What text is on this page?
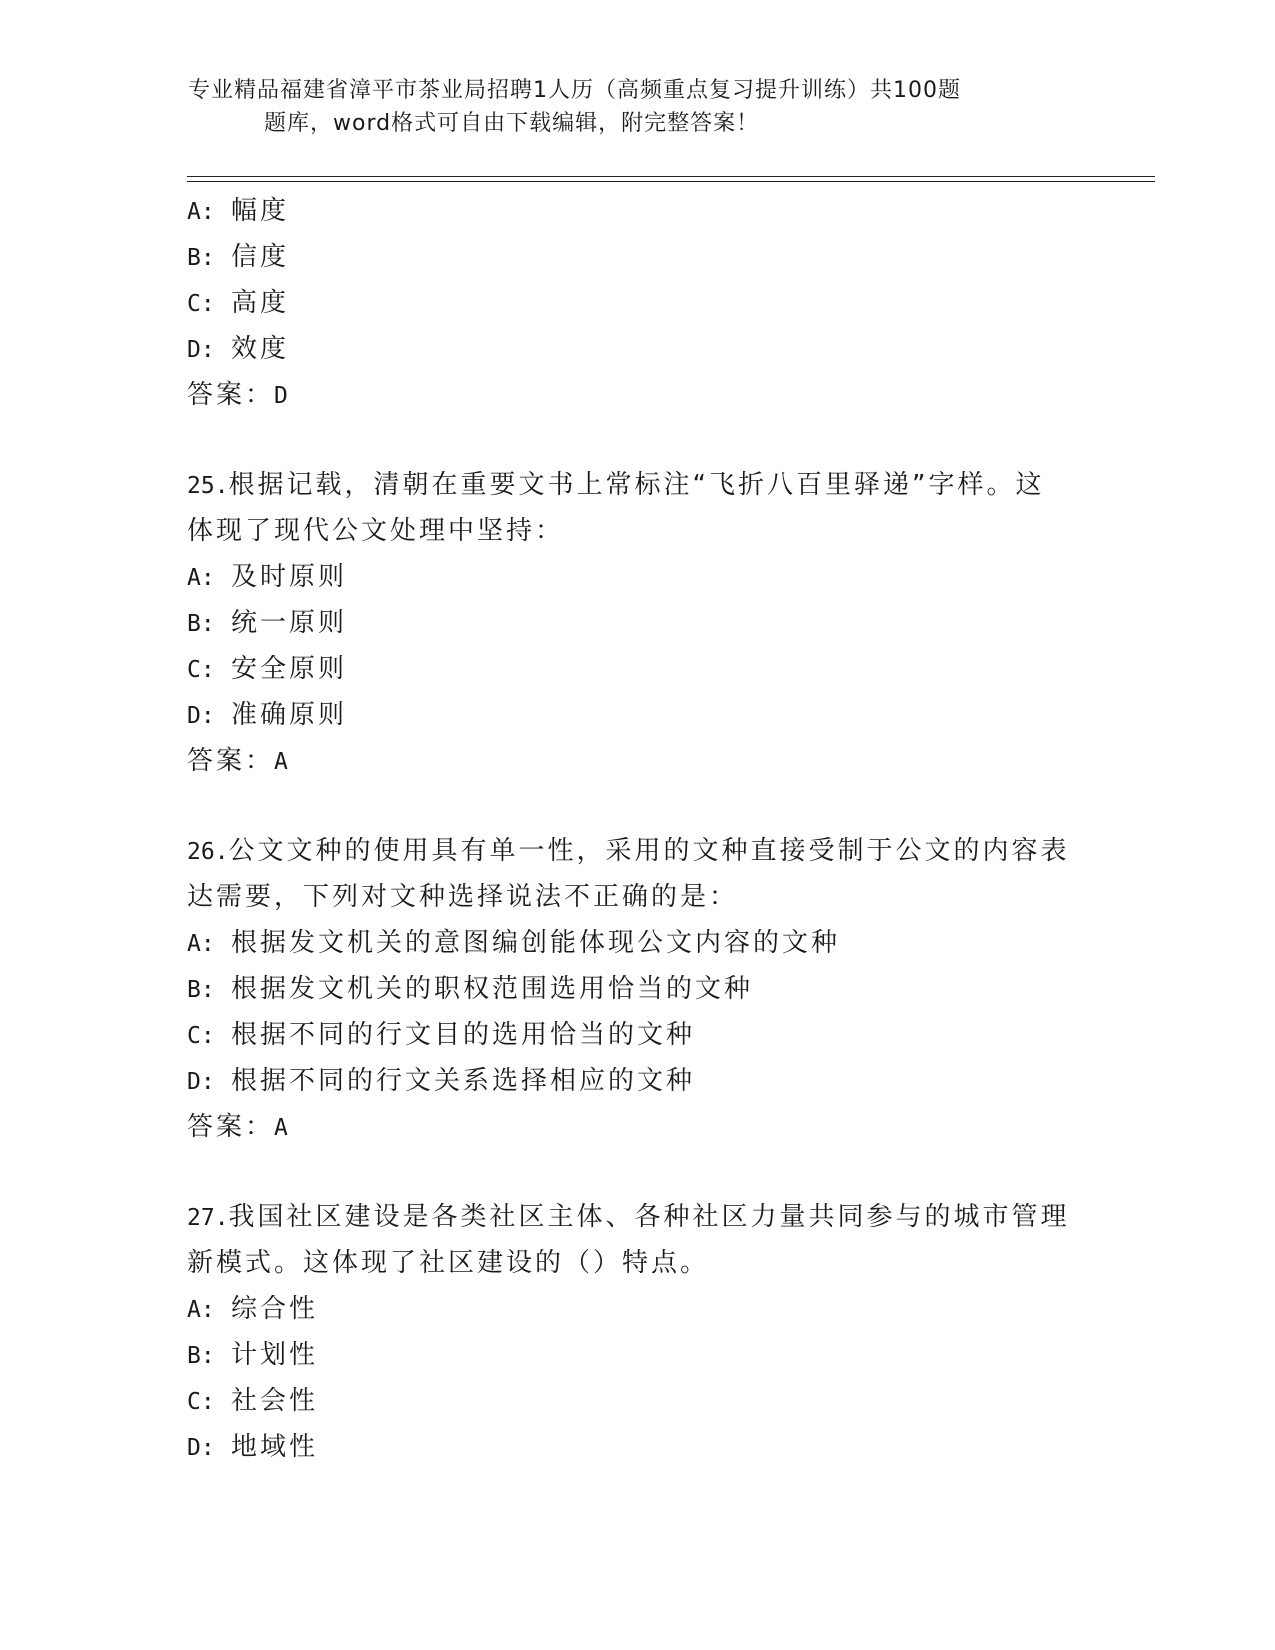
专业精品福建省漳平市茶业局招聘1人历（高频重点复习提升训练）共100题
题库，word格式可自由下载编辑，附完整答案！
A: 幅度
B: 信度
C: 高度
D: 效度
答案：D
25.根据记载，清朝在重要文书上常标注“飞折八百里驿递”字样。这
体现了现代公文处理中坚持：
A: 及时原则
B: 统一原则
C: 安全原则
D: 准确原则
答案：A
26.公文文种的使用具有单一性，采用的文种直接受制于公文的内容表
达需要，下列对文种选择说法不正确的是：
A: 根据发文机关的意图编创能体现公文内容的文种
B: 根据发文机关的职权范围选用恰当的文种
C: 根据不同的行文目的选用恰当的文种
D: 根据不同的行文关系选择相应的文种
答案：A
27.我国社区建设是各类社区主体、各种社区力量共同参与的城市管理
新模式。这体现了社区建设的（）特点。
A: 综合性
B: 计划性
C: 社会性
D: 地域性
